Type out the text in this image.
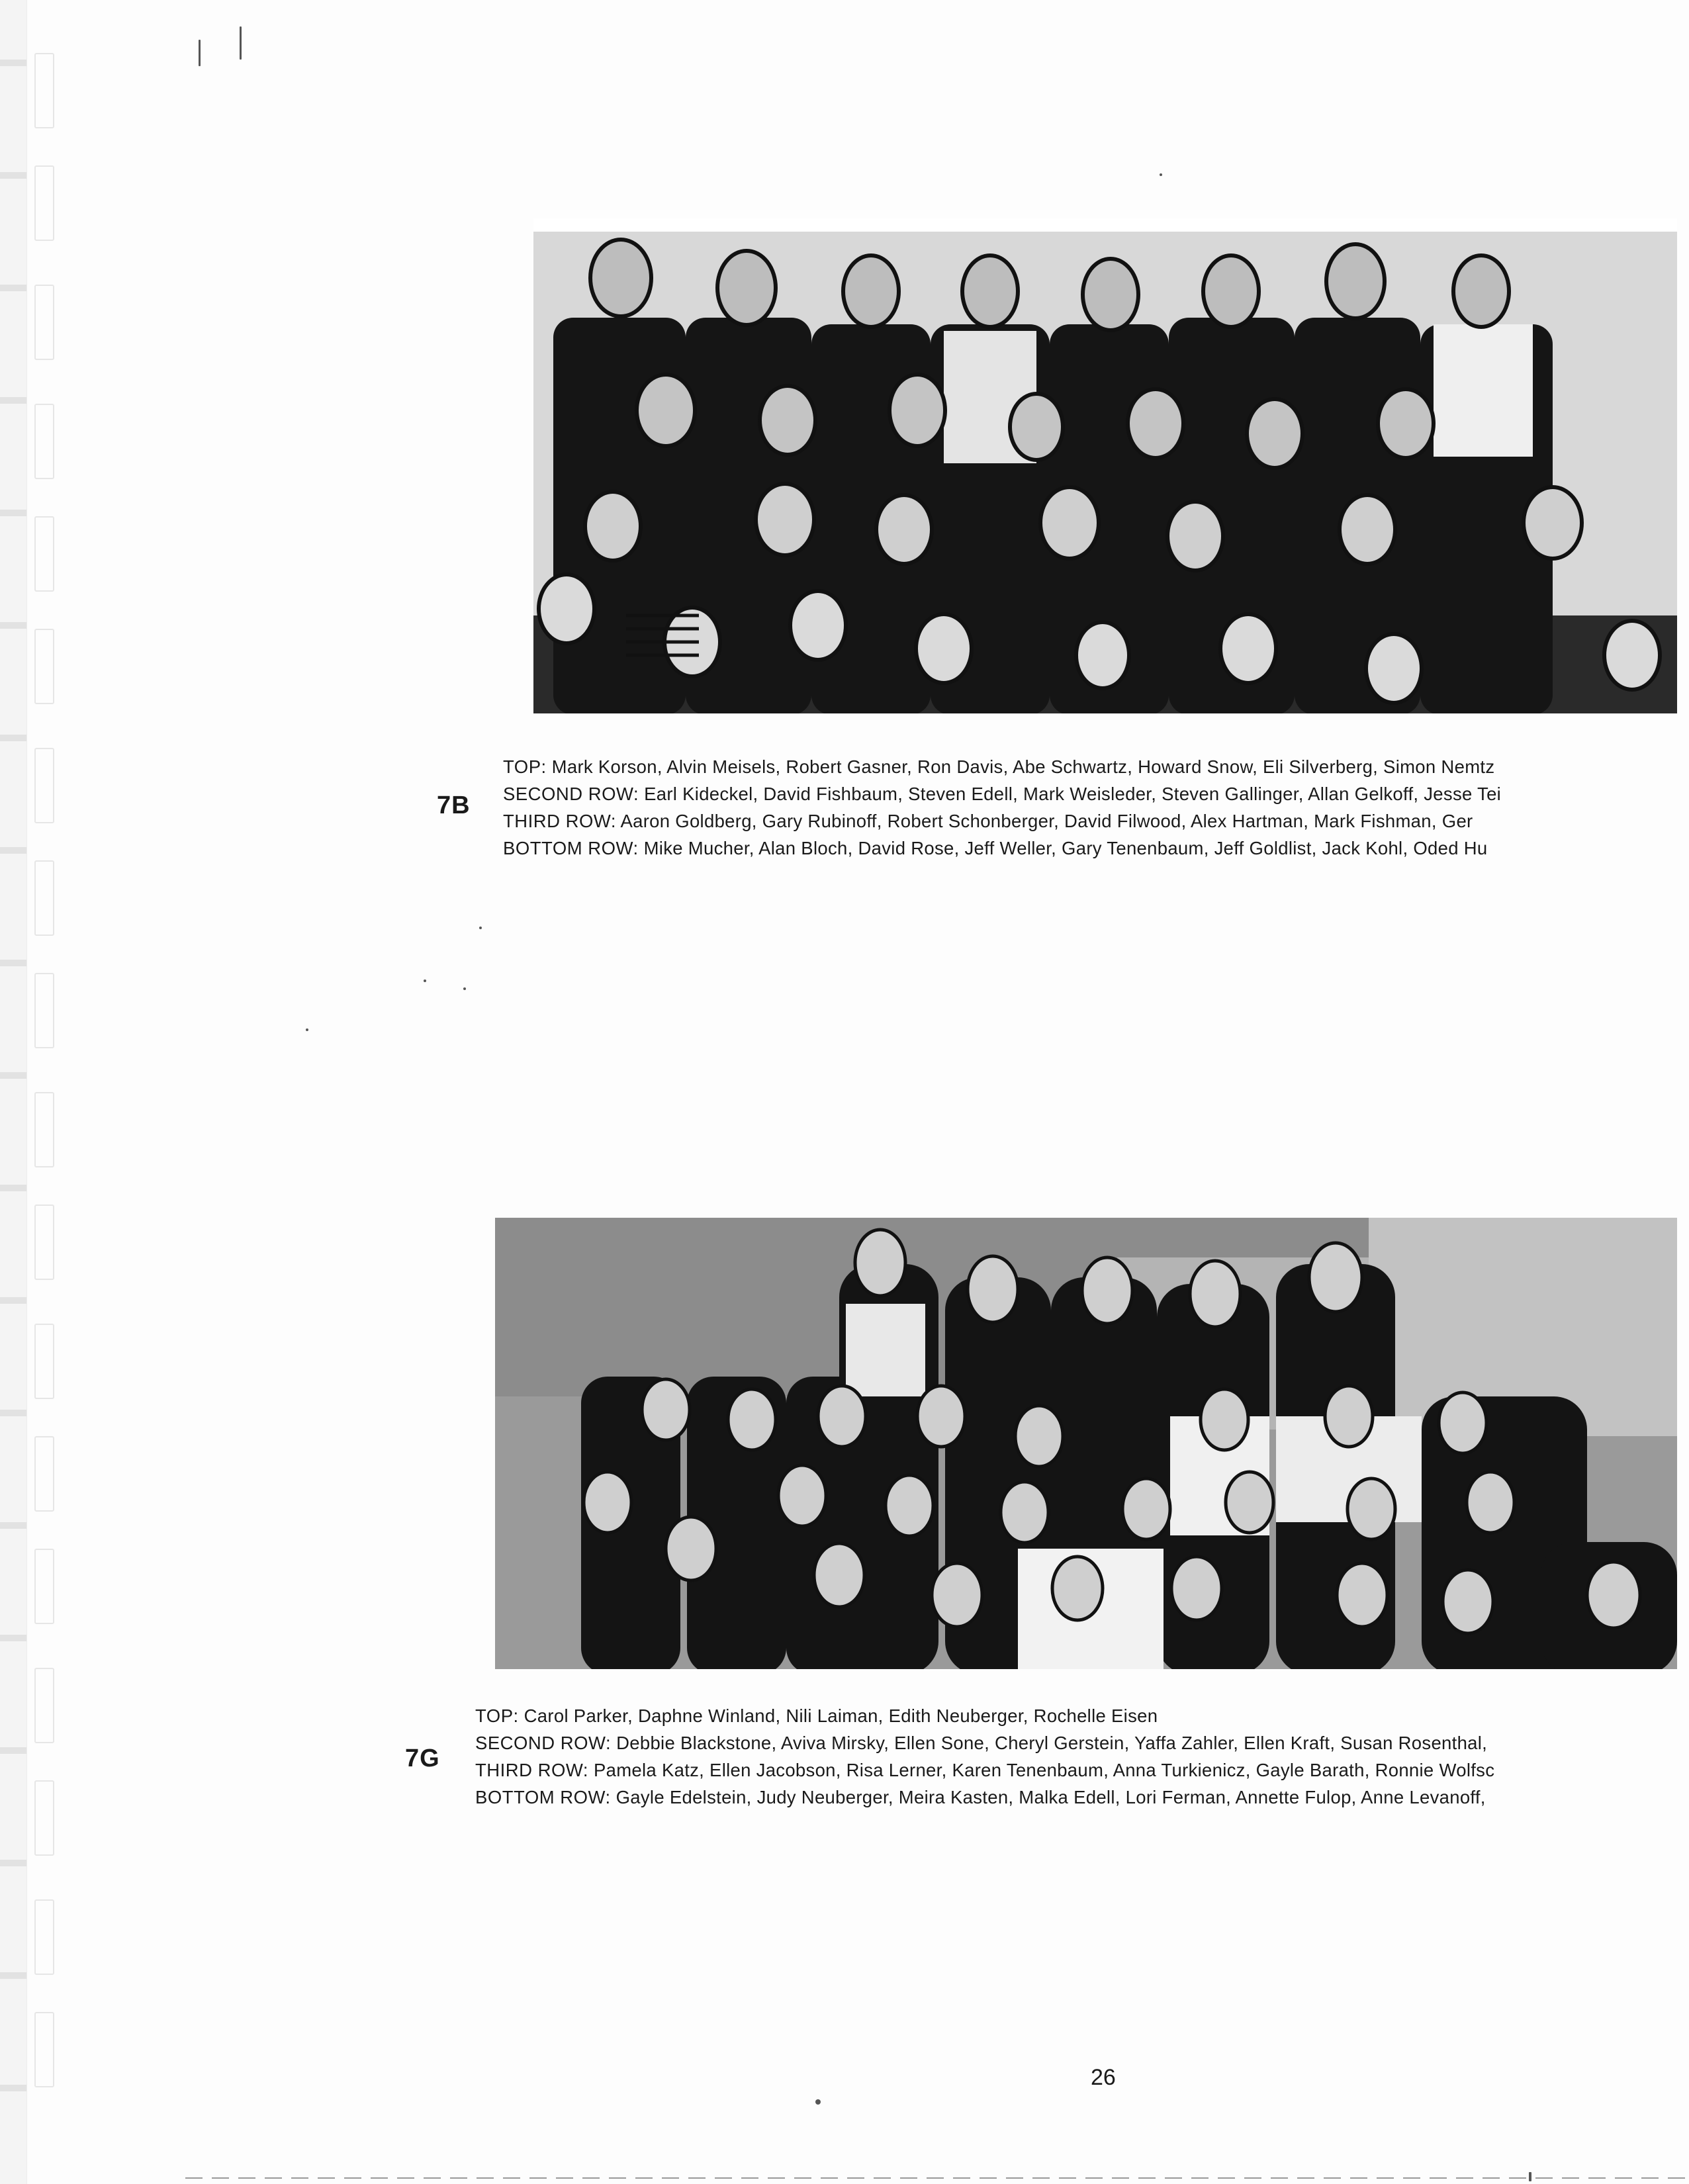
7B
TOP: Mark Korson, Alvin Meisels, Robert Gasner, Ron Davis, Abe Schwartz, Howard Snow, Eli Silverberg, Simon Nemtz
SECOND ROW: Earl Kideckel, David Fishbaum, Steven Edell, Mark Weisleder, Steven Gallinger, Allan Gelkoff, Jesse Tei
THIRD ROW: Aaron Goldberg, Gary Rubinoff, Robert Schonberger, David Filwood, Alex Hartman, Mark Fishman, Ger
BOTTOM ROW: Mike Mucher, Alan Bloch, David Rose, Jeff Weller, Gary Tenenbaum, Jeff Goldlist, Jack Kohl, Oded Hu
7G
TOP: Carol Parker, Daphne Winland, Nili Laiman, Edith Neuberger, Rochelle Eisen
SECOND ROW: Debbie Blackstone, Aviva Mirsky, Ellen Sone, Cheryl Gerstein, Yaffa Zahler, Ellen Kraft, Susan Rosenthal,
THIRD ROW: Pamela Katz, Ellen Jacobson, Risa Lerner, Karen Tenenbaum, Anna Turkienicz, Gayle Barath, Ronnie Wolfsc
BOTTOM ROW: Gayle Edelstein, Judy Neuberger, Meira Kasten, Malka Edell, Lori Ferman, Annette Fulop, Anne Levanoff,
26
